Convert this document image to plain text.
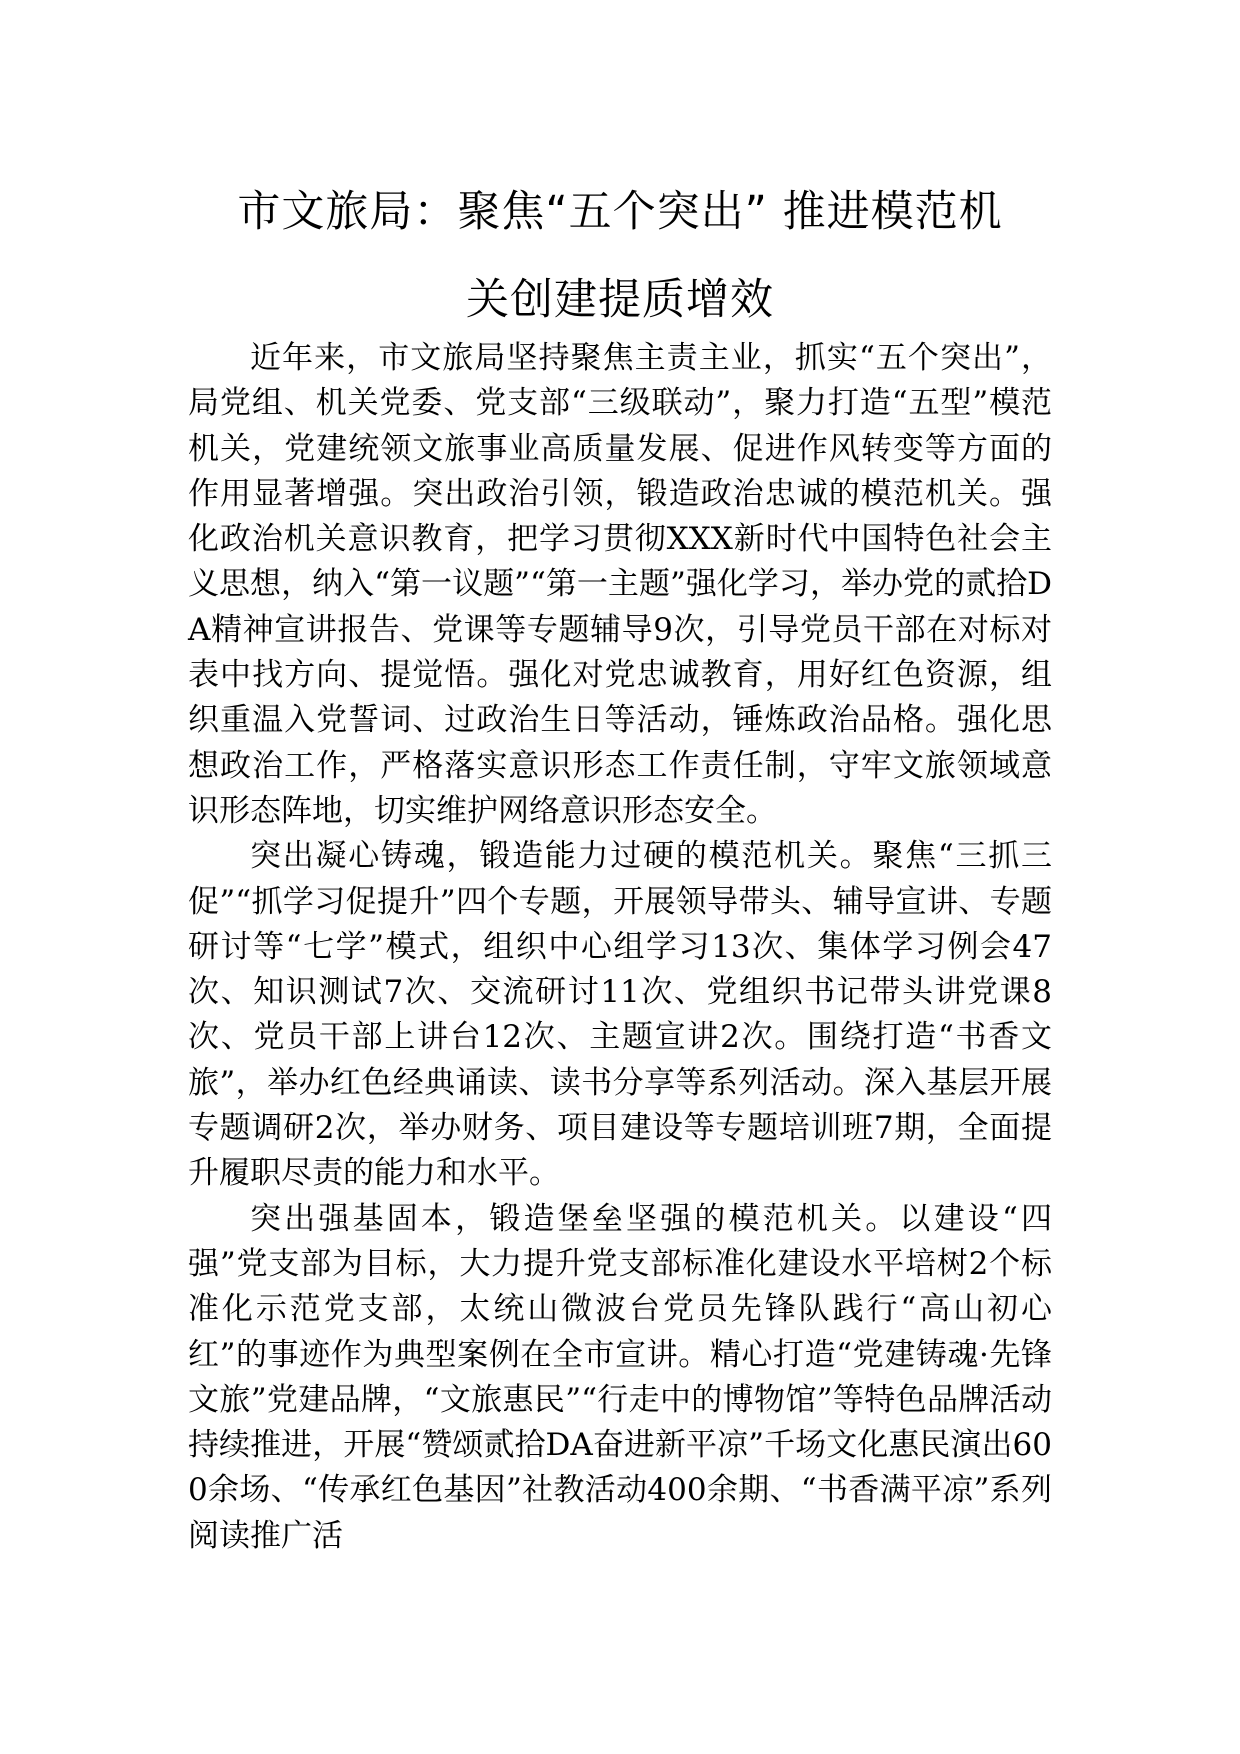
市文旅局：聚焦“五个突出” 推进模范机
关创建提质增效

近年来，市文旅局坚持聚焦主责主业，抓实“五个突出”，局党组、机关党委、党支部“三级联动”，聚力打造“五型”模范机关，党建统领文旅事业高质量发展、促进作风转变等方面的作用显著增强。突出政治引领，锻造政治忠诚的模范机关。强化政治机关意识教育，把学习贯彻XXX新时代中国特色社会主义思想，纳入“第一议题”“第一主题”强化学习，举办党的贰拾DA精神宣讲报告、党课等专题辅导9次，引导党员干部在对标对表中找方向、提觉悟。强化对党忠诚教育，用好红色资源，组织重温入党誓词、过政治生日等活动，锤炼政治品格。强化思想政治工作，严格落实意识形态工作责任制，守牢文旅领域意识形态阵地，切实维护网络意识形态安全。

突出凝心铸魂，锻造能力过硬的模范机关。聚焦“三抓三促”“抓学习促提升”四个专题，开展领导带头、辅导宣讲、专题研讨等“七学”模式，组织中心组学习13次、集体学习例会47次、知识测试7次、交流研讨11次、党组织书记带头讲党课8次、党员干部上讲台12次、主题宣讲2次。围绕打造“书香文旅”，举办红色经典诵读、读书分享等系列活动。深入基层开展专题调研2次，举办财务、项目建设等专题培训班7期，全面提升履职尽责的能力和水平。

突出强基固本，锻造堡垒坚强的模范机关。以建设“四强”党支部为目标，大力提升党支部标准化建设水平培树2个标准化示范党支部，太统山微波台党员先锋队践行“高山初心红”的事迹作为典型案例在全市宣讲。精心打造“党建铸魂·先锋文旅”党建品牌，“文旅惠民”“行走中的博物馆”等特色品牌活动持续推进，开展“赞颂贰拾DA奋进新平凉”千场文化惠民演出600余场、“传承红色基因”社教活动400余期、“书香满平凉”系列阅读推广活
